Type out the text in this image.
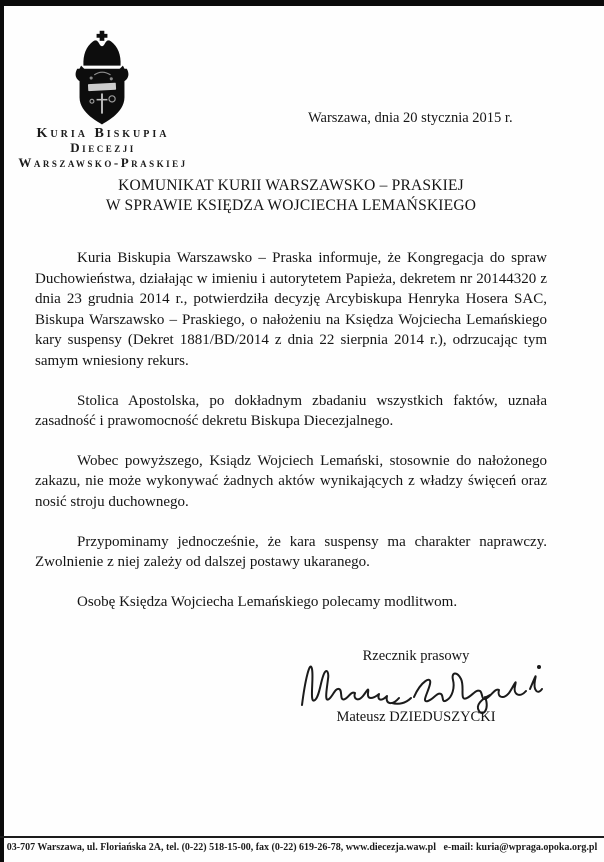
Kuria Biskupia
Diecezji
Warszawsko-Praskiej
Warszawa, dnia 20 stycznia 2015 r.
KOMUNIKAT KURII WARSZAWSKO – PRASKIEJ
W SPRAWIE KSIĘDZA WOJCIECHA LEMAŃSKIEGO

Kuria Biskupia Warszawsko – Praska informuje, że Kongregacja do spraw Duchowieństwa, działając w imieniu i autorytetem Papieża, dekretem nr 20144320 z dnia 23 grudnia 2014 r., potwierdziła decyzję Arcybiskupa Henryka Hosera SAC, Biskupa Warszawsko – Praskiego, o nałożeniu na Księdza Wojciecha Lemańskiego kary suspensy (Dekret 1881/BD/2014 z dnia 22 sierpnia 2014 r.), odrzucając tym samym wniesiony rekurs.

Stolica Apostolska, po dokładnym zbadaniu wszystkich faktów, uznała zasadność i prawomocność dekretu Biskupa Diecezjalnego.

Wobec powyższego, Ksiądz Wojciech Lemański, stosownie do nałożonego zakazu, nie może wykonywać żadnych aktów wynikających z władzy święceń oraz nosić stroju duchownego.

Przypominamy jednocześnie, że kara suspensy ma charakter naprawczy. Zwolnienie z niej zależy od dalszej postawy ukaranego.

Osobę Księdza Wojciecha Lemańskiego polecamy modlitwom.

Rzecznik prasowy
Mateusz DZIEDUSZYCKI
03-707 Warszawa, ul. Floriańska 2A, tel. (0-22) 518-15-00, fax (0-22) 619-26-78, www.diecezja.waw.pl   e-mail: kuria@wpraga.opoka.org.pl
